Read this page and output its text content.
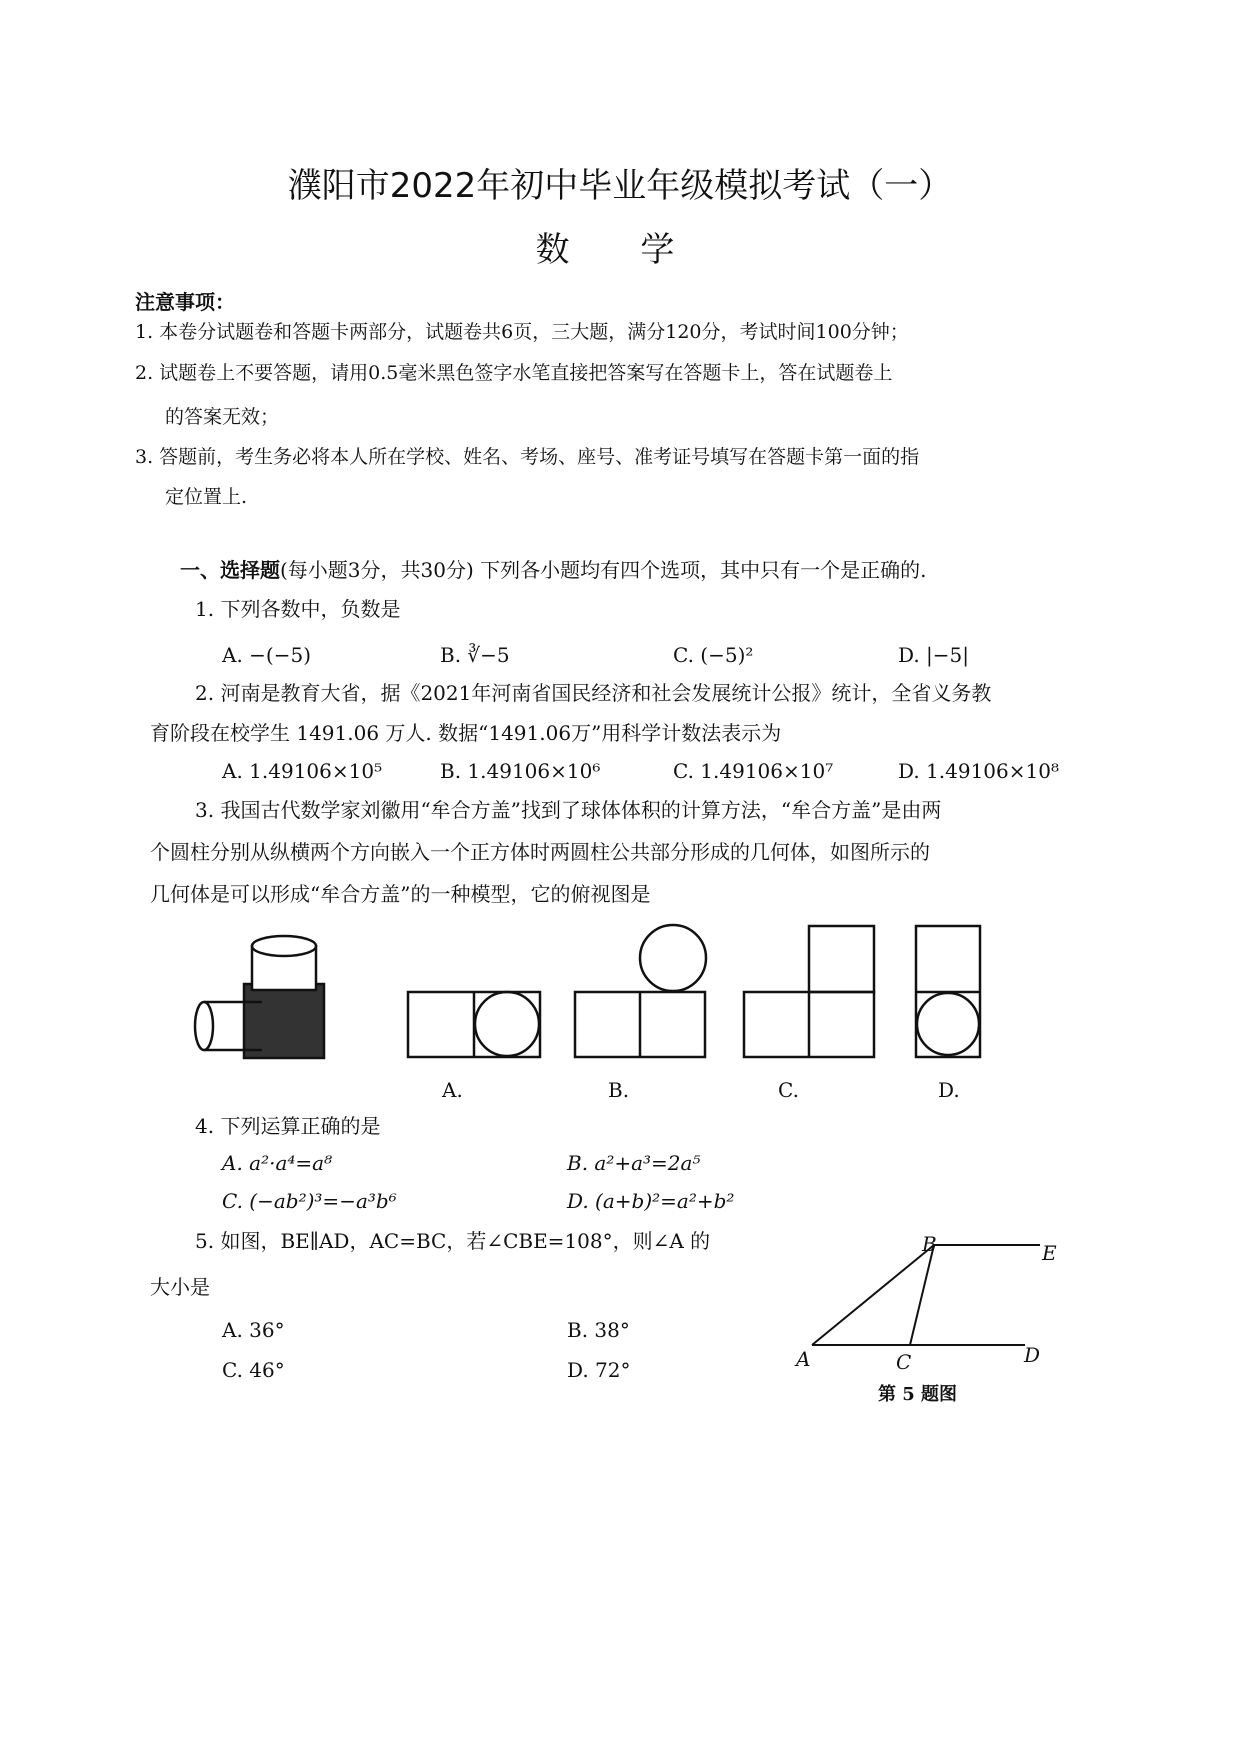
濮阳市2022年初中毕业年级模拟考试（一）
数 学
注意事项：
1. 本卷分试题卷和答题卡两部分，试题卷共6页，三大题，满分120分，考试时间100分钟；
2. 试题卷上不要答题，请用0.5毫米黑色签字水笔直接把答案写在答题卡上，答在试题卷上
的答案无效；
3. 答题前，考生务必将本人所在学校、姓名、考场、座号、准考证号填写在答题卡第一面的指
定位置上.
一、选择题(每小题3分，共30分) 下列各小题均有四个选项，其中只有一个是正确的.
1. 下列各数中，负数是
A. −(−5)	B. ∛−5	C. (−5)²	D. |−5|
2. 河南是教育大省，据《2021年河南省国民经济和社会发展统计公报》统计，全省义务教
育阶段在校学生 1491.06 万人. 数据“1491.06万”用科学计数法表示为
A. 1.49106×10⁵	B. 1.49106×10⁶	C. 1.49106×10⁷	D. 1.49106×10⁸
3. 我国古代数学家刘徽用“牟合方盖”找到了球体体积的计算方法，“牟合方盖”是由两
个圆柱分别从纵横两个方向嵌入一个正方体时两圆柱公共部分形成的几何体，如图所示的
几何体是可以形成“牟合方盖”的一种模型，它的俯视图是
A.	B.	C.	D.
4. 下列运算正确的是
A. a²·a⁴=a⁸	B. a²+a³=2a⁵
C. (−ab²)³=−a³b⁶	D. (a+b)²=a²+b²
5. 如图，BE∥AD，AC=BC，若∠CBE=108°，则∠A 的
大小是
A. 36°	B. 38°
C. 46°	D. 72°	A
B
C	D
E
第 5 题图
